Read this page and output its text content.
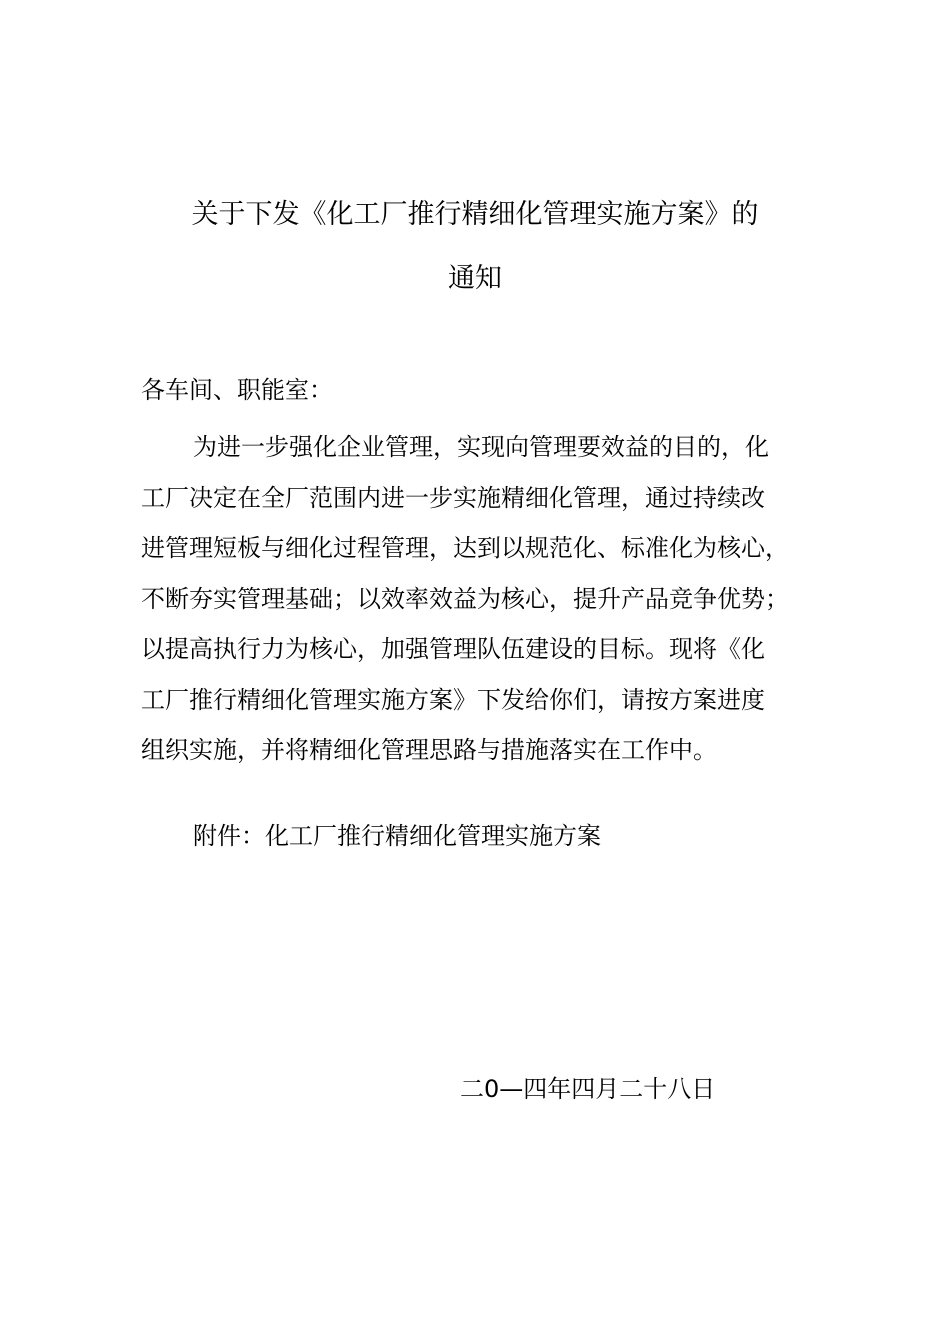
关于下发《化工厂推行精细化管理实施方案》的
通知
各车间、职能室：
为进一步强化企业管理，实现向管理要效益的目的，化
工厂决定在全厂范围内进一步实施精细化管理，通过持续改
进管理短板与细化过程管理，达到以规范化、标准化为核心，
不断夯实管理基础；以效率效益为核心，提升产品竞争优势；
以提高执行力为核心，加强管理队伍建设的目标。现将《化
工厂推行精细化管理实施方案》下发给你们，请按方案进度
组织实施，并将精细化管理思路与措施落实在工作中。
附件：化工厂推行精细化管理实施方案
二0—四年四月二十八日
